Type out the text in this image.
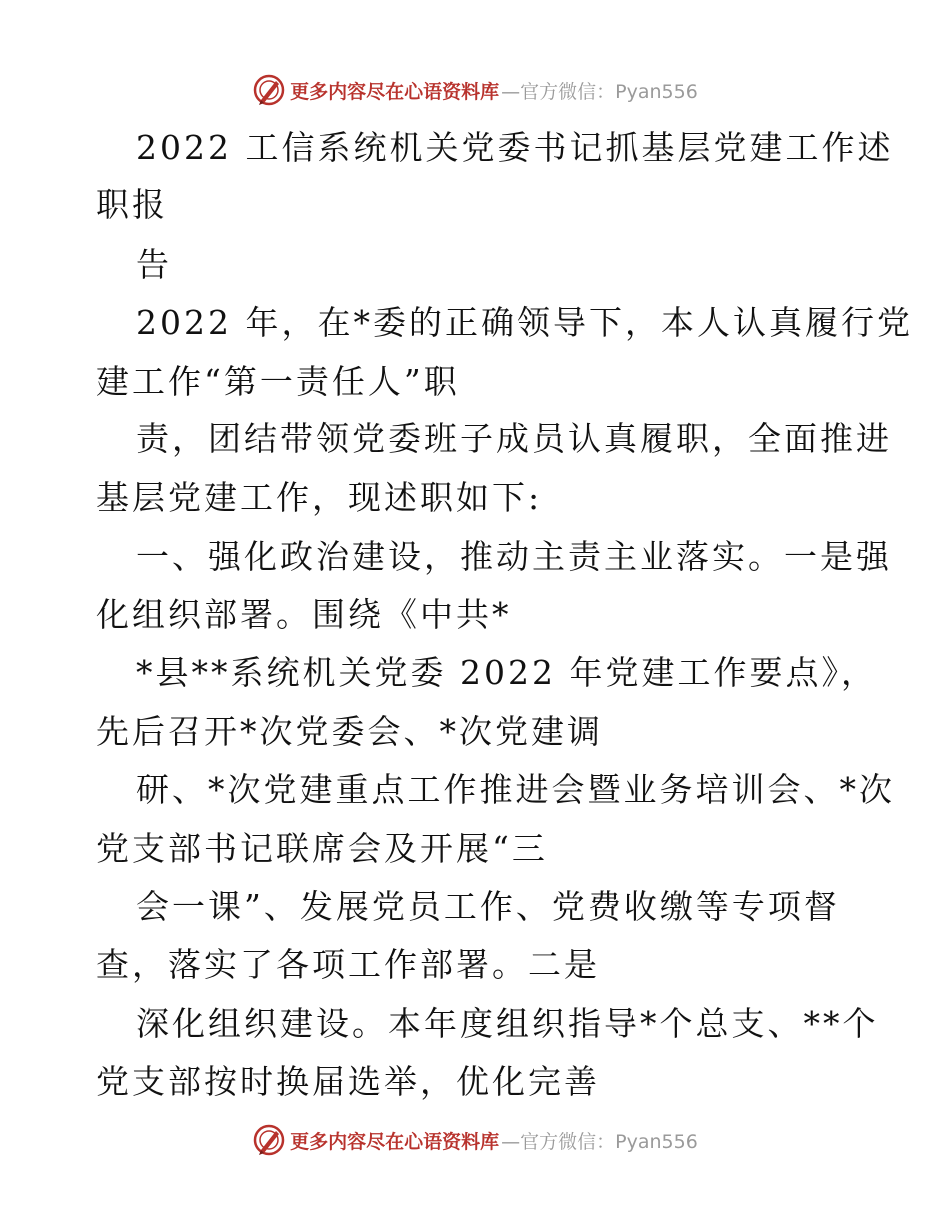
更多内容尽在心语资料库 —官方微信：Pyan556
2022 工信系统机关党委书记抓基层党建工作述
职报
告
2022 年，在*委的正确领导下，本人认真履行党
建工作“第一责任人”职
责，团结带领党委班子成员认真履职，全面推进
基层党建工作，现述职如下:
一、强化政治建设，推动主责主业落实。一是强
化组织部署。围绕《中共*
*县**系统机关党委 2022 年党建工作要点》，
先后召开*次党委会、*次党建调
研、*次党建重点工作推进会暨业务培训会、*次
党支部书记联席会及开展“三
会一课”、发展党员工作、党费收缴等专项督
查，落实了各项工作部署。二是
深化组织建设。本年度组织指导*个总支、**个
党支部按时换届选举，优化完善
更多内容尽在心语资料库 —官方微信：Pyan556
